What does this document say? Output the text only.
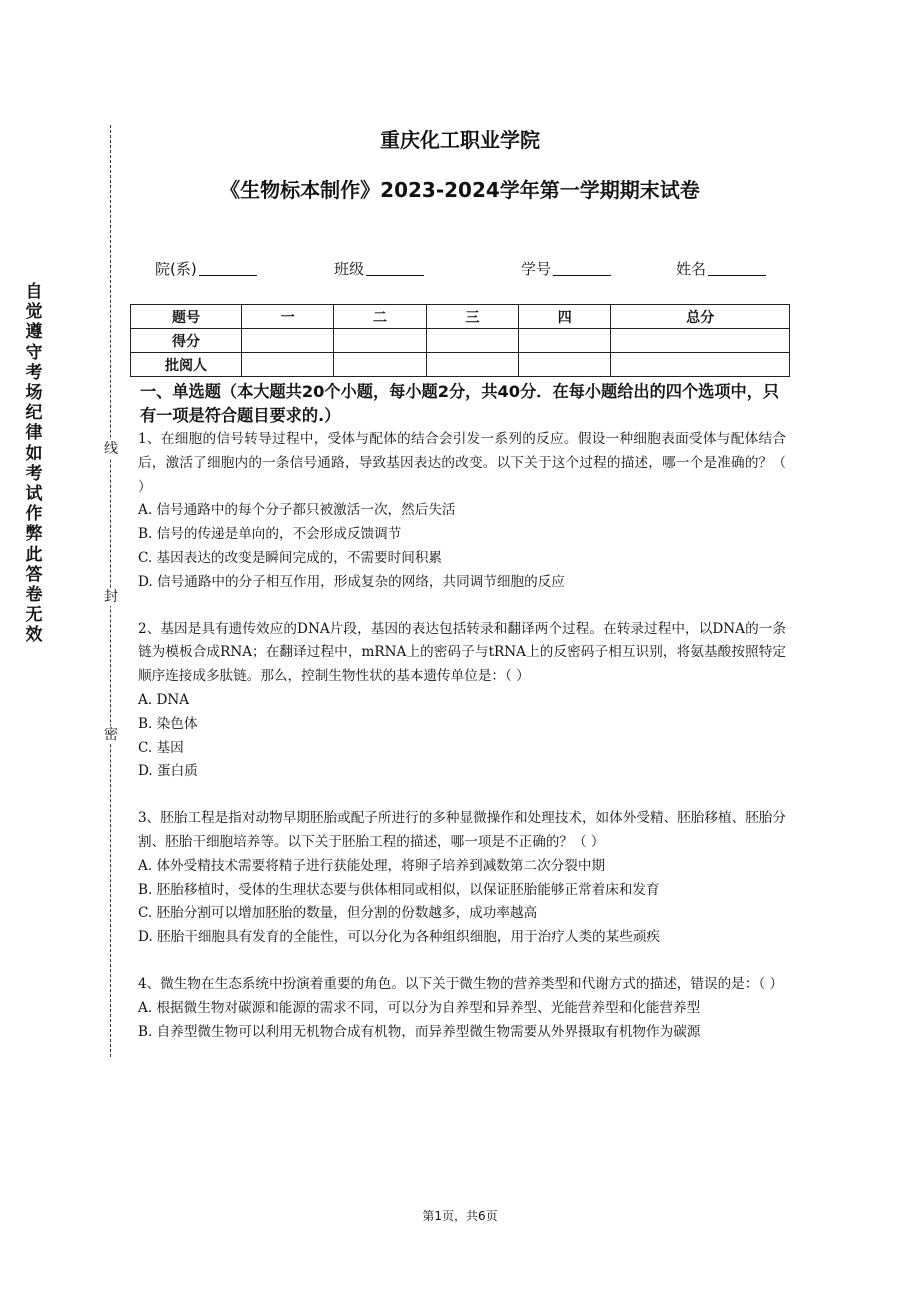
自觉遵守考场纪律如考试作弊此答卷无效
线
封
密
重庆化工职业学院
《生物标本制作》2023-2024学年第一学期期末试卷
院(系)	班级	学号	姓名
题号	一	二	三	四	总分
得分					
批阅人					
一、单选题（本大题共20个小题，每小题2分，共40分．在每小题给出的四个选项中，只有一项是符合题目要求的.）

1、在细胞的信号转导过程中，受体与配体的结合会引发一系列的反应。假设一种细胞表面受体与配体结合后，激活了细胞内的一条信号通路，导致基因表达的改变。以下关于这个过程的描述，哪一个是准确的？（ ）

A. 信号通路中的每个分子都只被激活一次，然后失活

B. 信号的传递是单向的，不会形成反馈调节

C. 基因表达的改变是瞬间完成的，不需要时间积累

D. 信号通路中的分子相互作用，形成复杂的网络，共同调节细胞的反应

2、基因是具有遗传效应的DNA片段，基因的表达包括转录和翻译两个过程。在转录过程中，以DNA的一条链为模板合成RNA；在翻译过程中，mRNA上的密码子与tRNA上的反密码子相互识别，将氨基酸按照特定顺序连接成多肽链。那么，控制生物性状的基本遗传单位是：（ ）

A. DNA

B. 染色体

C. 基因

D. 蛋白质

3、胚胎工程是指对动物早期胚胎或配子所进行的多种显微操作和处理技术，如体外受精、胚胎移植、胚胎分割、胚胎干细胞培养等。以下关于胚胎工程的描述，哪一项是不正确的？（ ）

A. 体外受精技术需要将精子进行获能处理，将卵子培养到减数第二次分裂中期

B. 胚胎移植时，受体的生理状态要与供体相同或相似，以保证胚胎能够正常着床和发育

C. 胚胎分割可以增加胚胎的数量，但分割的份数越多，成功率越高

D. 胚胎干细胞具有发育的全能性，可以分化为各种组织细胞，用于治疗人类的某些顽疾

4、微生物在生态系统中扮演着重要的角色。以下关于微生物的营养类型和代谢方式的描述，错误的是：（ ）

A. 根据微生物对碳源和能源的需求不同，可以分为自养型和异养型、光能营养型和化能营养型

B. 自养型微生物可以利用无机物合成有机物，而异养型微生物需要从外界摄取有机物作为碳源

第1页，共6页
